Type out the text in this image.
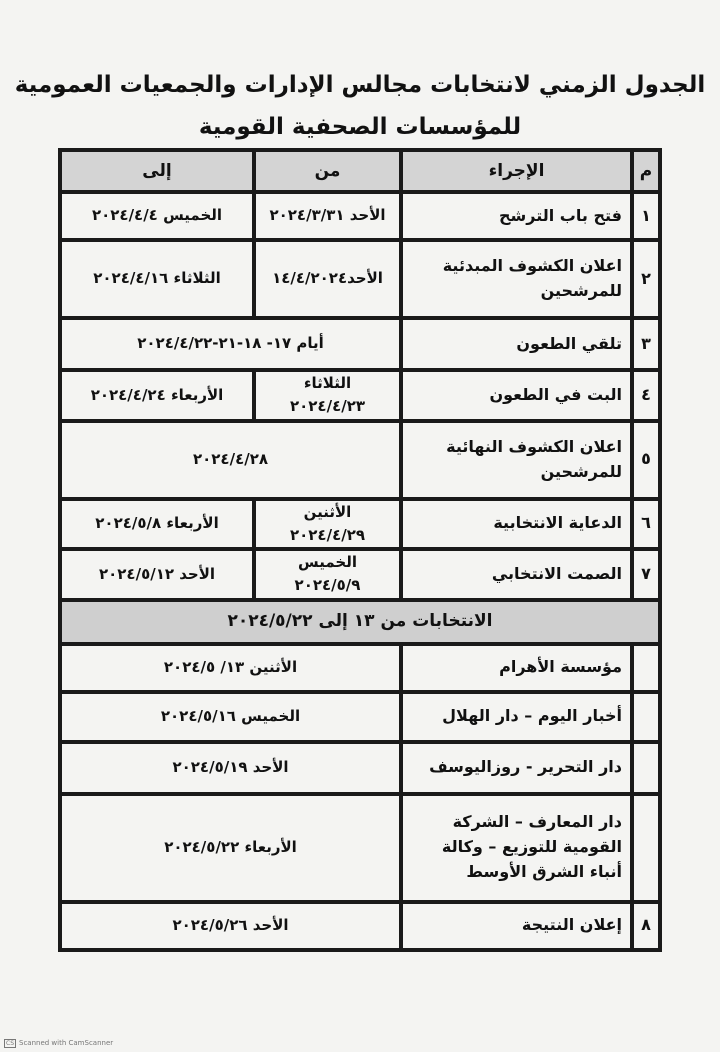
الجدول الزمني لانتخابات مجالس الإدارات والجمعيات العمومية
للمؤسسات الصحفية القومية
م	الإجراء	من	إلى
١	فتح باب الترشح	الأحد ٢٠٢٤/٣/٣١	الخميس ٢٠٢٤/٤/٤
٢	اعلان الكشوف المبدئية للمرشحين	الأحد١٤/٤/٢٠٢٤	الثلاثاء ٢٠٢٤/٤/١٦
٣	تلقي الطعون	أيام ١٧- ١٨-٢١-٢٠٢٤/٤/٢٢	
٤	البت في الطعون	الثلاثاء ٢٠٢٤/٤/٢٣	الأربعاء ٢٠٢٤/٤/٢٤
٥	اعلان الكشوف النهائية للمرشحين	٢٠٢٤/٤/٢٨	
٦	الدعاية الانتخابية	الأثنين ٢٠٢٤/٤/٢٩	الأربعاء ٢٠٢٤/٥/٨
٧	الصمت الانتخابي	الخميس ٢٠٢٤/٥/٩	الأحد ٢٠٢٤/٥/١٢
الانتخابات من ١٣ إلى ٢٠٢٤/٥/٢٢			
	مؤسسة الأهرام	الأثنين ١٣/ ٢٠٢٤/٥	
	أخبار اليوم – دار الهلال	الخميس ٢٠٢٤/٥/١٦	
	دار التحرير - روزاليوسف	الأحد ٢٠٢٤/٥/١٩	
	دار المعارف – الشركة القومية للتوزيع – وكالة أنباء الشرق الأوسط	الأربعاء ٢٠٢٤/٥/٢٢	
٨	إعلان النتيجة	الأحد ٢٠٢٤/٥/٢٦	
CS Scanned with CamScanner
